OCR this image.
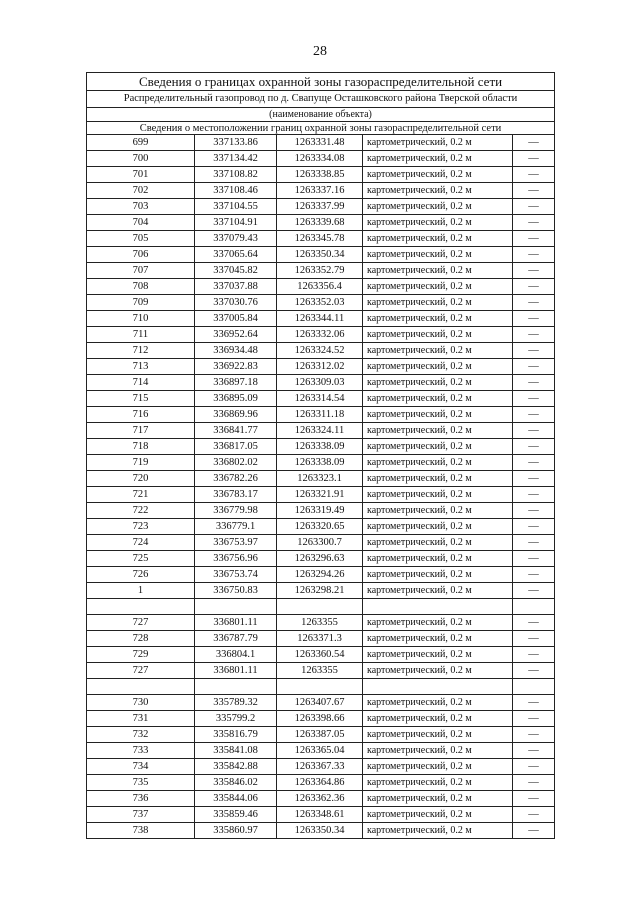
28
Сведения о границах охранной зоны газораспределительной сети				
Распределительный газопровод по д. Свапуще Осташковского района Тверской области				
(наименование объекта)				
Сведения о местоположении границ охранной зоны газораспределительной сети				
699	337133.86	1263331.48	картометрический, 0.2 м	—
700	337134.42	1263334.08	картометрический, 0.2 м	—
701	337108.82	1263338.85	картометрический, 0.2 м	—
702	337108.46	1263337.16	картометрический, 0.2 м	—
703	337104.55	1263337.99	картометрический, 0.2 м	—
704	337104.91	1263339.68	картометрический, 0.2 м	—
705	337079.43	1263345.78	картометрический, 0.2 м	—
706	337065.64	1263350.34	картометрический, 0.2 м	—
707	337045.82	1263352.79	картометрический, 0.2 м	—
708	337037.88	1263356.4	картометрический, 0.2 м	—
709	337030.76	1263352.03	картометрический, 0.2 м	—
710	337005.84	1263344.11	картометрический, 0.2 м	—
711	336952.64	1263332.06	картометрический, 0.2 м	—
712	336934.48	1263324.52	картометрический, 0.2 м	—
713	336922.83	1263312.02	картометрический, 0.2 м	—
714	336897.18	1263309.03	картометрический, 0.2 м	—
715	336895.09	1263314.54	картометрический, 0.2 м	—
716	336869.96	1263311.18	картометрический, 0.2 м	—
717	336841.77	1263324.11	картометрический, 0.2 м	—
718	336817.05	1263338.09	картометрический, 0.2 м	—
719	336802.02	1263338.09	картометрический, 0.2 м	—
720	336782.26	1263323.1	картометрический, 0.2 м	—
721	336783.17	1263321.91	картометрический, 0.2 м	—
722	336779.98	1263319.49	картометрический, 0.2 м	—
723	336779.1	1263320.65	картометрический, 0.2 м	—
724	336753.97	1263300.7	картометрический, 0.2 м	—
725	336756.96	1263296.63	картометрический, 0.2 м	—
726	336753.74	1263294.26	картометрический, 0.2 м	—
1	336750.83	1263298.21	картометрический, 0.2 м	—

727	336801.11	1263355	картометрический, 0.2 м	—
728	336787.79	1263371.3	картометрический, 0.2 м	—
729	336804.1	1263360.54	картометрический, 0.2 м	—
727	336801.11	1263355	картометрический, 0.2 м	—

730	335789.32	1263407.67	картометрический, 0.2 м	—
731	335799.2	1263398.66	картометрический, 0.2 м	—
732	335816.79	1263387.05	картометрический, 0.2 м	—
733	335841.08	1263365.04	картометрический, 0.2 м	—
734	335842.88	1263367.33	картометрический, 0.2 м	—
735	335846.02	1263364.86	картометрический, 0.2 м	—
736	335844.06	1263362.36	картометрический, 0.2 м	—
737	335859.46	1263348.61	картометрический, 0.2 м	—
738	335860.97	1263350.34	картометрический, 0.2 м	—
